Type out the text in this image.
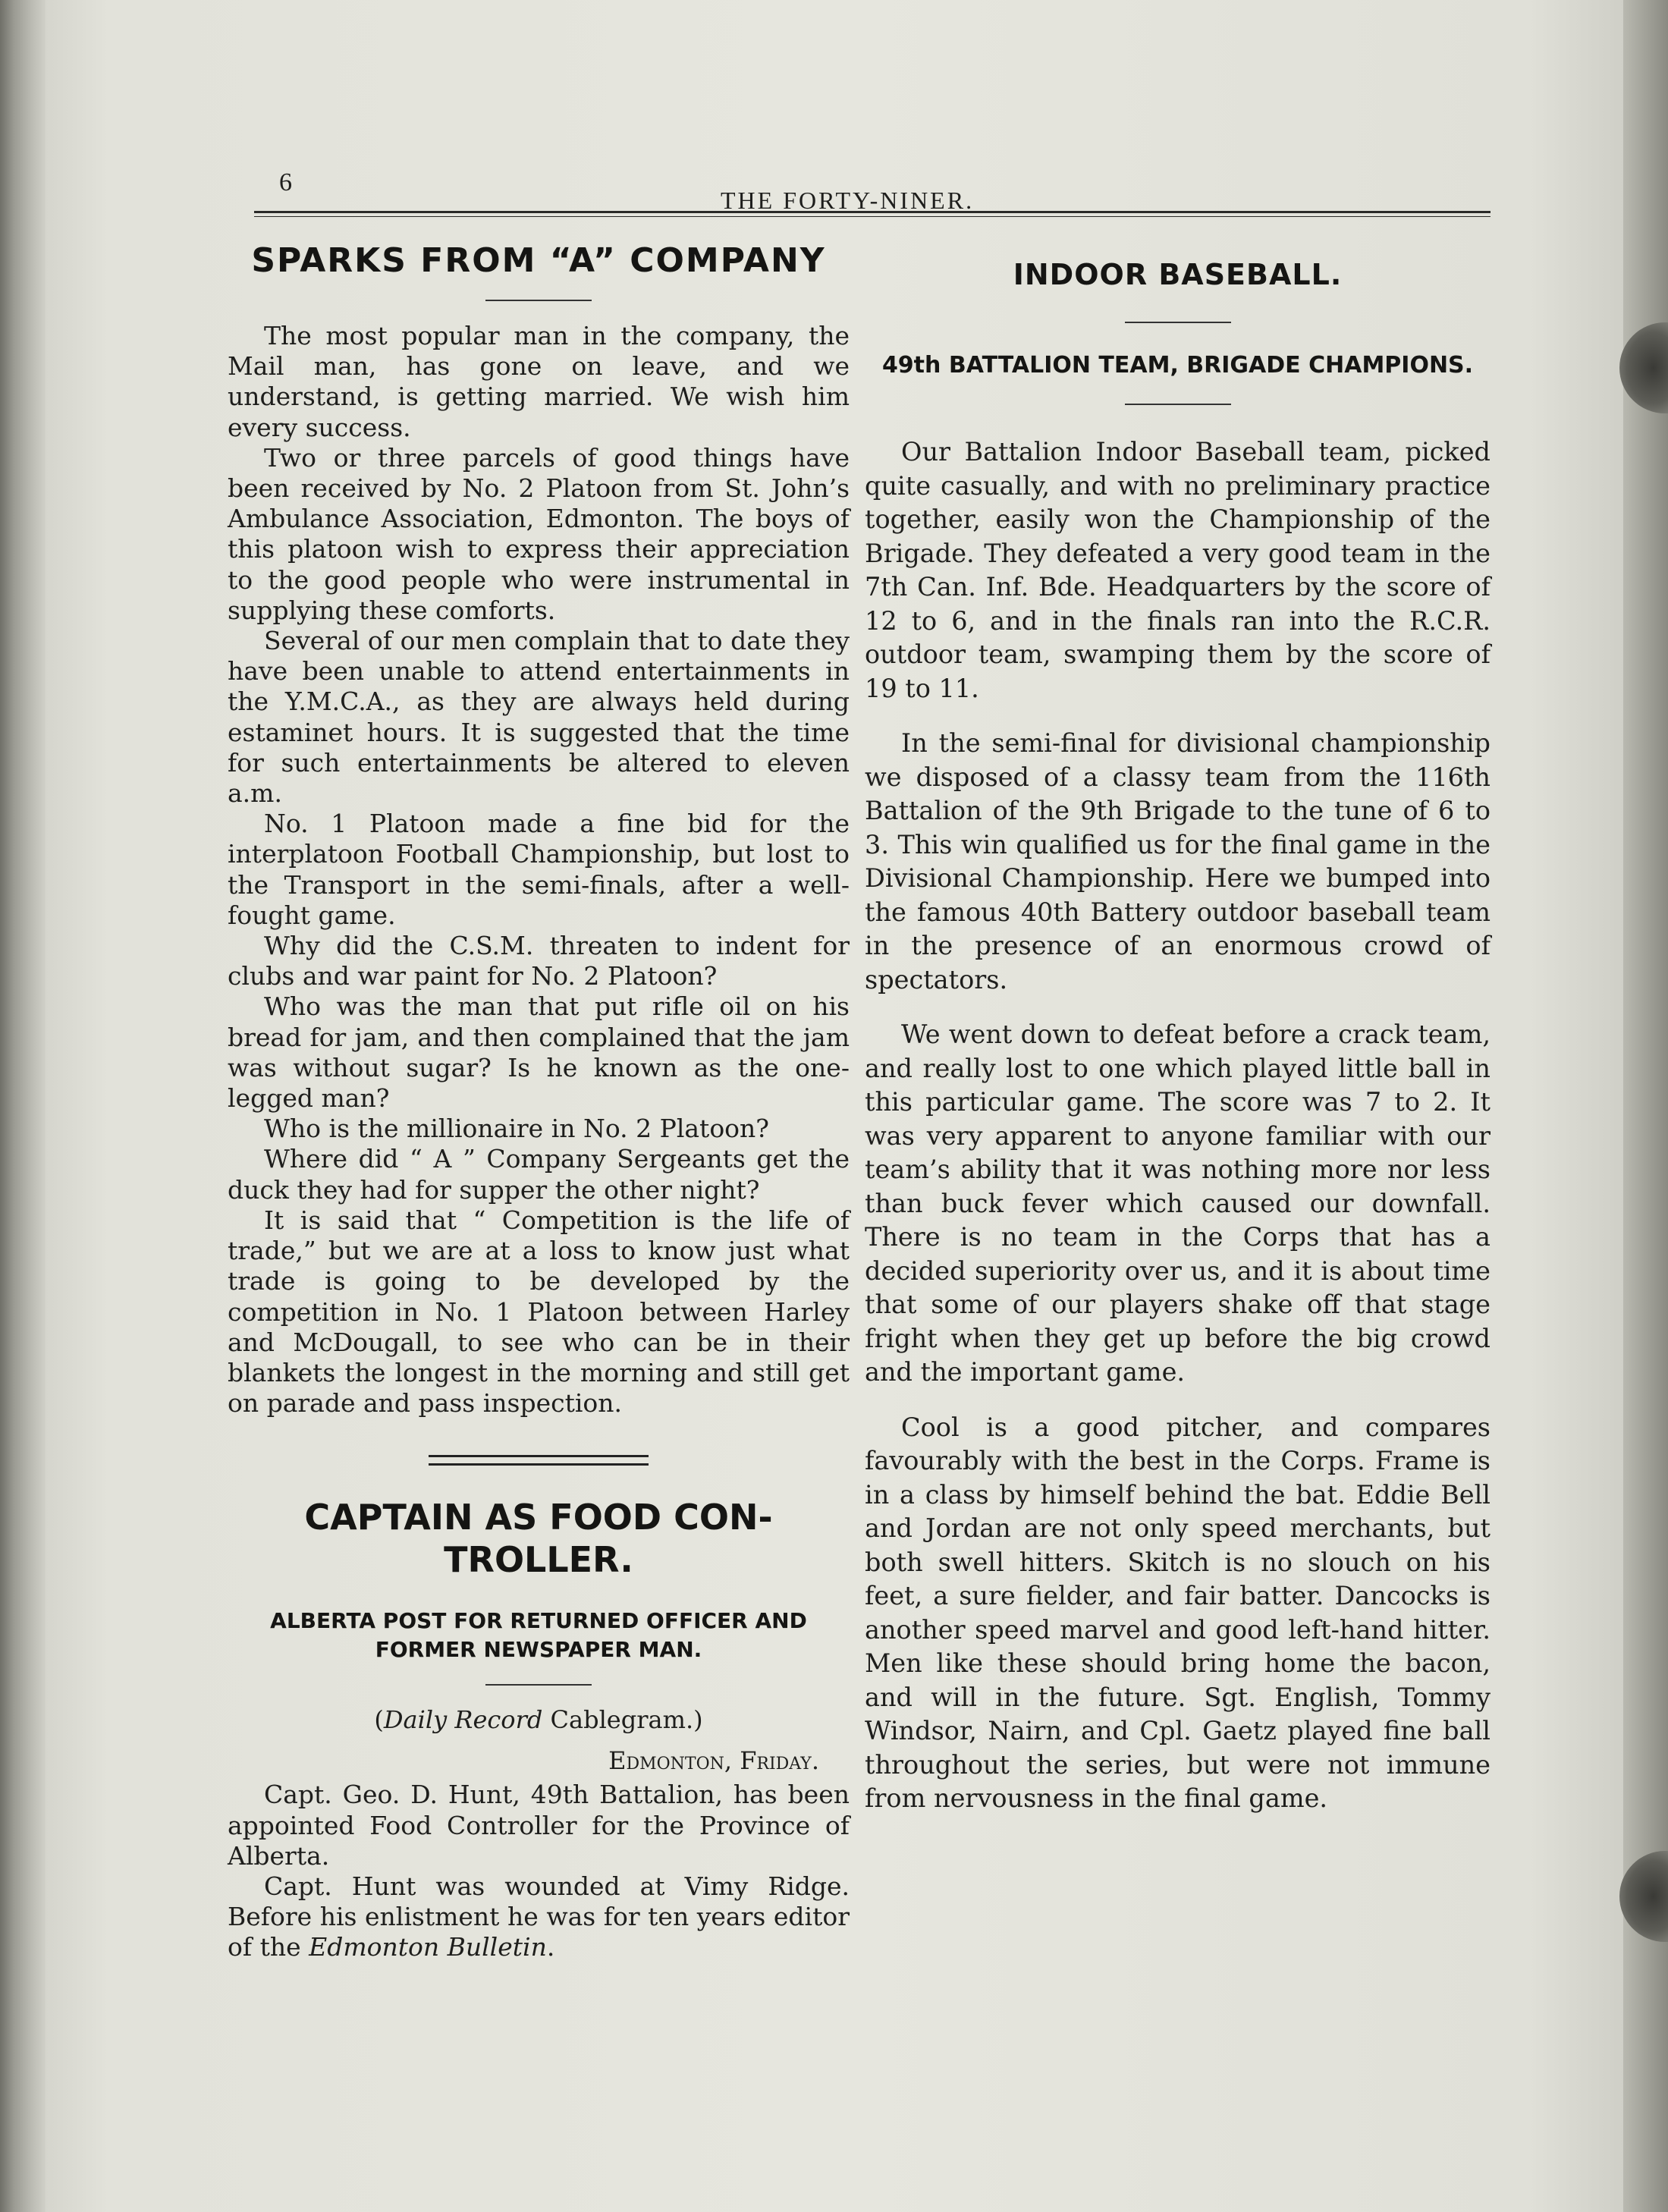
6
THE FORTY-NINER.
SPARKS FROM “A” COMPANY

The most popular man in the company, the Mail man, has gone on leave, and we understand, is getting married. We wish him every success.

Two or three parcels of good things have been received by No. 2 Platoon from St. John’s Ambulance Association, Edmonton. The boys of this platoon wish to express their appreciation to the good people who were instrumental in supplying these comforts.

Several of our men complain that to date they have been unable to attend entertainments in the Y.M.C.A., as they are always held during estaminet hours. It is suggested that the time for such entertainments be altered to eleven a.m.

No. 1 Platoon made a fine bid for the interplatoon Football Championship, but lost to the Transport in the semi-finals, after a well-fought game.

Why did the C.S.M. threaten to indent for clubs and war paint for No. 2 Platoon?

Who was the man that put rifle oil on his bread for jam, and then complained that the jam was without sugar? Is he known as the one-legged man?

Who is the millionaire in No. 2 Platoon?

Where did “ A ” Company Sergeants get the duck they had for supper the other night?

It is said that “ Competition is the life of trade,” but we are at a loss to know just what trade is going to be developed by the competition in No. 1 Platoon between Harley and McDougall, to see who can be in their blankets the longest in the morning and still get on parade and pass inspection.

CAPTAIN AS FOOD CON-
TROLLER.

ALBERTA POST FOR RETURNED OFFICER AND FORMER NEWSPAPER MAN.

(Daily Record Cablegram.)

Edmonton, Friday.

Capt. Geo. D. Hunt, 49th Battalion, has been appointed Food Controller for the Province of Alberta.

Capt. Hunt was wounded at Vimy Ridge. Before his enlistment he was for ten years editor of the Edmonton Bulletin.

INDOOR BASEBALL.

49th BATTALION TEAM, BRIGADE CHAMPIONS.

Our Battalion Indoor Baseball team, picked quite casually, and with no preliminary practice together, easily won the Championship of the Brigade. They defeated a very good team in the 7th Can. Inf. Bde. Headquarters by the score of 12 to 6, and in the finals ran into the R.C.R. outdoor team, swamping them by the score of 19 to 11.

In the semi-final for divisional championship we disposed of a classy team from the 116th Battalion of the 9th Brigade to the tune of 6 to 3. This win qualified us for the final game in the Divisional Championship. Here we bumped into the famous 40th Battery outdoor baseball team in the presence of an enormous crowd of spectators.

We went down to defeat before a crack team, and really lost to one which played little ball in this particular game. The score was 7 to 2. It was very apparent to anyone familiar with our team’s ability that it was nothing more nor less than buck fever which caused our downfall. There is no team in the Corps that has a decided superiority over us, and it is about time that some of our players shake off that stage fright when they get up before the big crowd and the important game.

Cool is a good pitcher, and compares favourably with the best in the Corps. Frame is in a class by himself behind the bat. Eddie Bell and Jordan are not only speed merchants, but both swell hitters. Skitch is no slouch on his feet, a sure fielder, and fair batter. Dancocks is another speed marvel and good left-hand hitter. Men like these should bring home the bacon, and will in the future. Sgt. English, Tommy Windsor, Nairn, and Cpl. Gaetz played fine ball throughout the series, but were not immune from nervousness in the final game.
